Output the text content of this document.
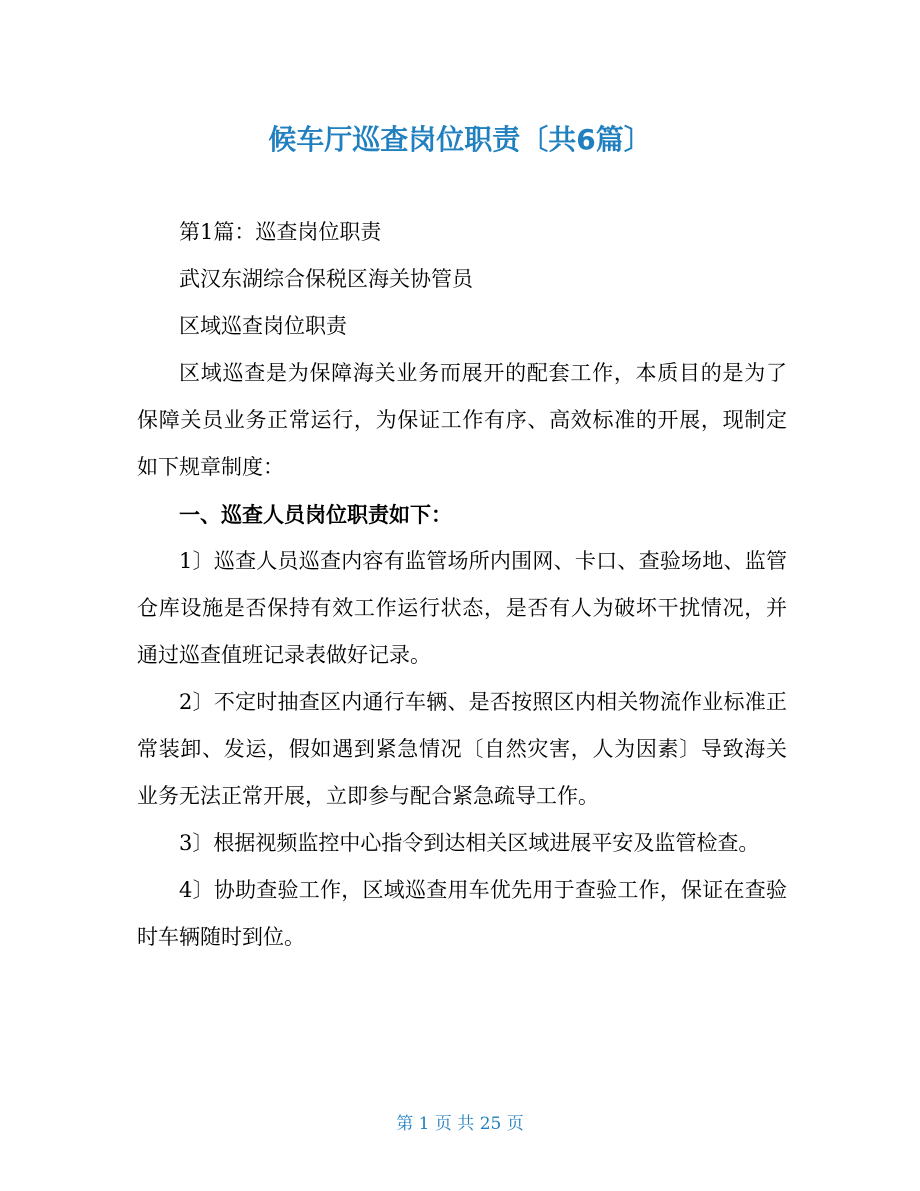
候车厅巡查岗位职责〔共6篇〕

第1篇：巡查岗位职责

武汉东湖综合保税区海关协管员

区域巡查岗位职责

区域巡查是为保障海关业务而展开的配套工作，本质目的是为了保障关员业务正常运行，为保证工作有序、高效标准的开展，现制定如下规章制度：

一、巡查人员岗位职责如下：

1〕巡查人员巡查内容有监管场所内围网、卡口、查验场地、监管仓库设施是否保持有效工作运行状态，是否有人为破坏干扰情况，并通过巡查值班记录表做好记录。

2〕不定时抽查区内通行车辆、是否按照区内相关物流作业标准正常装卸、发运，假如遇到紧急情况〔自然灾害，人为因素〕导致海关业务无法正常开展，立即参与配合紧急疏导工作。

3〕根据视频监控中心指令到达相关区域进展平安及监管检查。

4〕协助查验工作，区域巡查用车优先用于查验工作，保证在查验时车辆随时到位。

第 1 页 共 25 页
